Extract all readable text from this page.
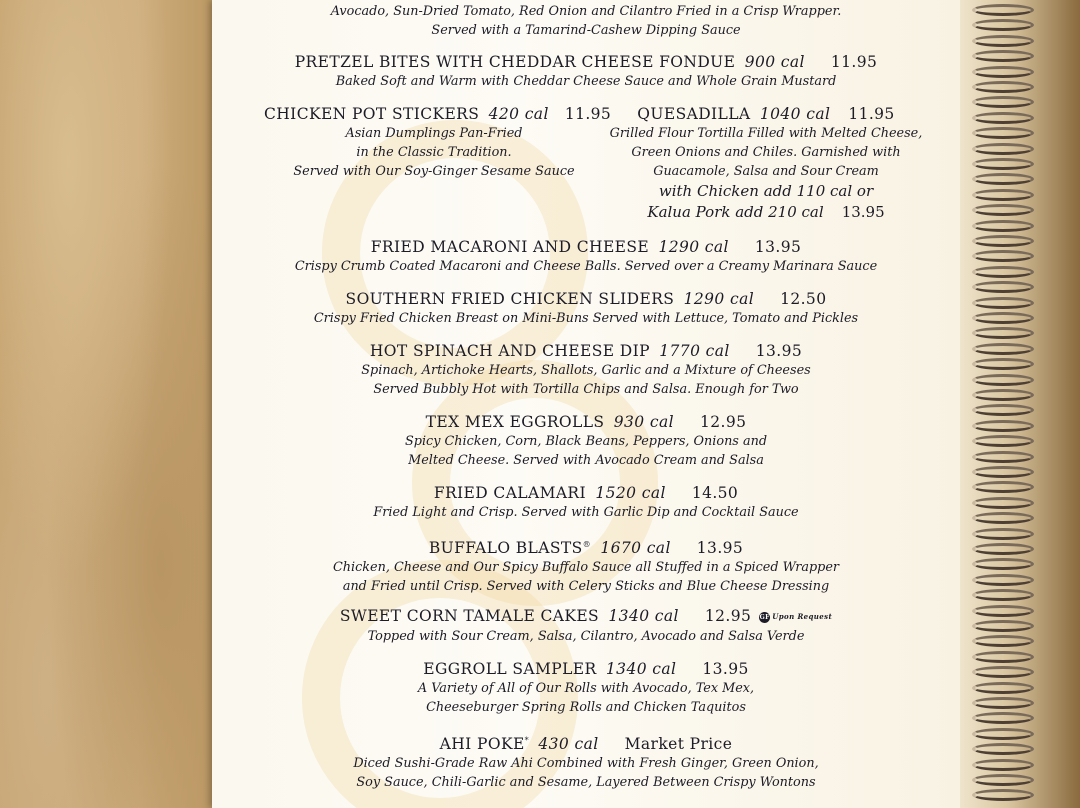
Avocado, Sun-Dried Tomato, Red Onion and Cilantro Fried in a Crisp Wrapper.
Served with a Tamarind-Cashew Dipping Sauce
PRETZEL BITES WITH CHEDDAR CHEESE FONDUE 900 cal 11.95
Baked Soft and Warm with Cheddar Cheese Sauce and Whole Grain Mustard
CHICKEN POT STICKERS 420 cal 11.95
Asian Dumplings Pan-Fried
in the Classic Tradition.
Served with Our Soy-Ginger Sesame Sauce
QUESADILLA 1040 cal 11.95
Grilled Flour Tortilla Filled with Melted Cheese,
Green Onions and Chiles. Garnished with
Guacamole, Salsa and Sour Cream
with Chicken add 110 cal or
Kalua Pork add 210 cal 13.95
FRIED MACARONI AND CHEESE 1290 cal 13.95
Crispy Crumb Coated Macaroni and Cheese Balls. Served over a Creamy Marinara Sauce
SOUTHERN FRIED CHICKEN SLIDERS 1290 cal 12.50
Crispy Fried Chicken Breast on Mini-Buns Served with Lettuce, Tomato and Pickles
HOT SPINACH AND CHEESE DIP 1770 cal 13.95
Spinach, Artichoke Hearts, Shallots, Garlic and a Mixture of Cheeses
Served Bubbly Hot with Tortilla Chips and Salsa. Enough for Two
TEX MEX EGGROLLS 930 cal 12.95
Spicy Chicken, Corn, Black Beans, Peppers, Onions and
Melted Cheese. Served with Avocado Cream and Salsa
FRIED CALAMARI 1520 cal 14.50
Fried Light and Crisp. Served with Garlic Dip and Cocktail Sauce
BUFFALO BLASTS® 1670 cal 13.95
Chicken, Cheese and Our Spicy Buffalo Sauce all Stuffed in a Spiced Wrapper
and Fried until Crisp. Served with Celery Sticks and Blue Cheese Dressing
SWEET CORN TAMALE CAKES 1340 cal 12.95 GF Upon Request
Topped with Sour Cream, Salsa, Cilantro, Avocado and Salsa Verde
EGGROLL SAMPLER 1340 cal 13.95
A Variety of All of Our Rolls with Avocado, Tex Mex,
Cheeseburger Spring Rolls and Chicken Taquitos
AHI POKE* 430 cal Market Price
Diced Sushi-Grade Raw Ahi Combined with Fresh Ginger, Green Onion,
Soy Sauce, Chili-Garlic and Sesame, Layered Between Crispy Wontons
